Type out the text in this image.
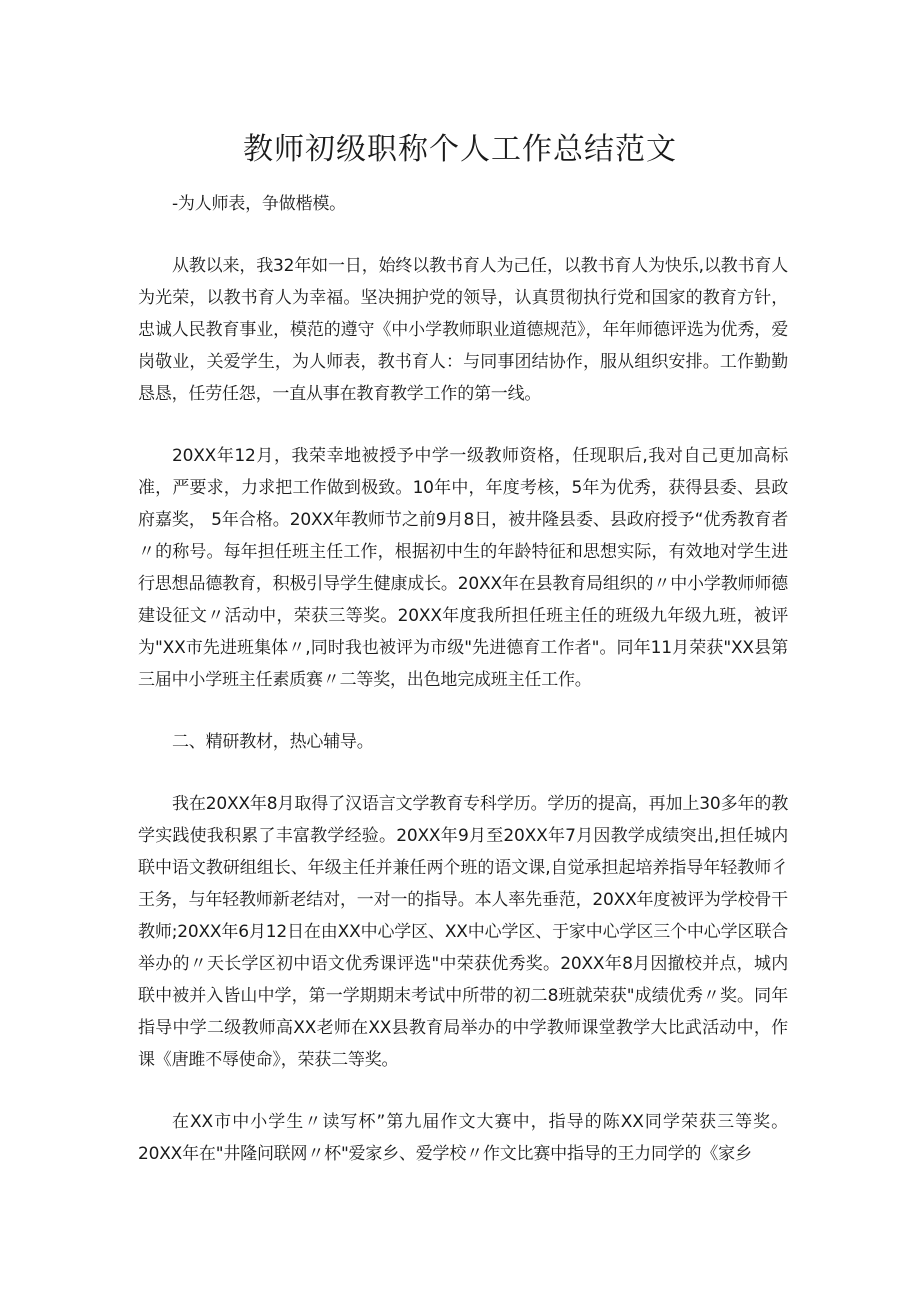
教师初级职称个人工作总结范文

-为人师表，争做楷模。

从教以来，我32年如一日，始终以教书育人为己任，以教书育人为快乐,以教书育人为光荣，以教书育人为幸福。坚决拥护党的领导，认真贯彻执行党和国家的教育方针，忠诚人民教育事业，模范的遵守《中小学教师职业道德规范》，年年师德评选为优秀，爱岗敬业，关爱学生，为人师表，教书育人：与同事团结协作，服从组织安排。工作勤勤恳恳，任劳任怨，一直从事在教育教学工作的第一线。

20XX年12月，我荣幸地被授予中学一级教师资格，任现职后,我对自己更加高标准，严要求，力求把工作做到极致。10年中，年度考核，5年为优秀，获得县委、县政府嘉奖， 5年合格。20XX年教师节之前9月8日，被井隆县委、县政府授予“优秀教育者〃的称号。每年担任班主任工作，根据初中生的年龄特征和思想实际，有效地对学生进行思想品德教育，积极引导学生健康成长。20XX年在县教育局组织的〃中小学教师师德建设征文〃活动中，荣获三等奖。20XX年度我所担任班主任的班级九年级九班，被评为"XX市先进班集体〃,同时我也被评为市级"先进德育工作者"。同年11月荣获"XX县第三届中小学班主任素质赛〃二等奖，出色地完成班主任工作。

二、精研教材，热心辅导。

我在20XX年8月取得了汉语言文学教育专科学历。学历的提高，再加上30多年的教学实践使我积累了丰富教学经验。20XX年9月至20XX年7月因教学成绩突出,担任城内联中语文教研组组长、年级主任并兼任两个班的语文课,自觉承担起培养指导年轻教师彳王务，与年轻教师新老结对，一对一的指导。本人率先垂范，20XX年度被评为学校骨干教师;20XX年6月12日在由XX中心学区、XX中心学区、于家中心学区三个中心学区联合举办的〃天长学区初中语文优秀课评选"中荣获优秀奖。20XX年8月因撤校并点，城内联中被并入皆山中学，第一学期期末考试中所带的初二8班就荣获"成绩优秀〃奖。同年指导中学二级教师高XX老师在XX县教育局举办的中学教师课堂教学大比武活动中，作课《唐雎不辱使命》，荣获二等奖。

在XX市中小学生〃读写杯”第九届作文大赛中，指导的陈XX同学荣获三等奖。20XX年在"井隆问联网〃杯"爱家乡、爱学校〃作文比赛中指导的王力同学的《家乡
